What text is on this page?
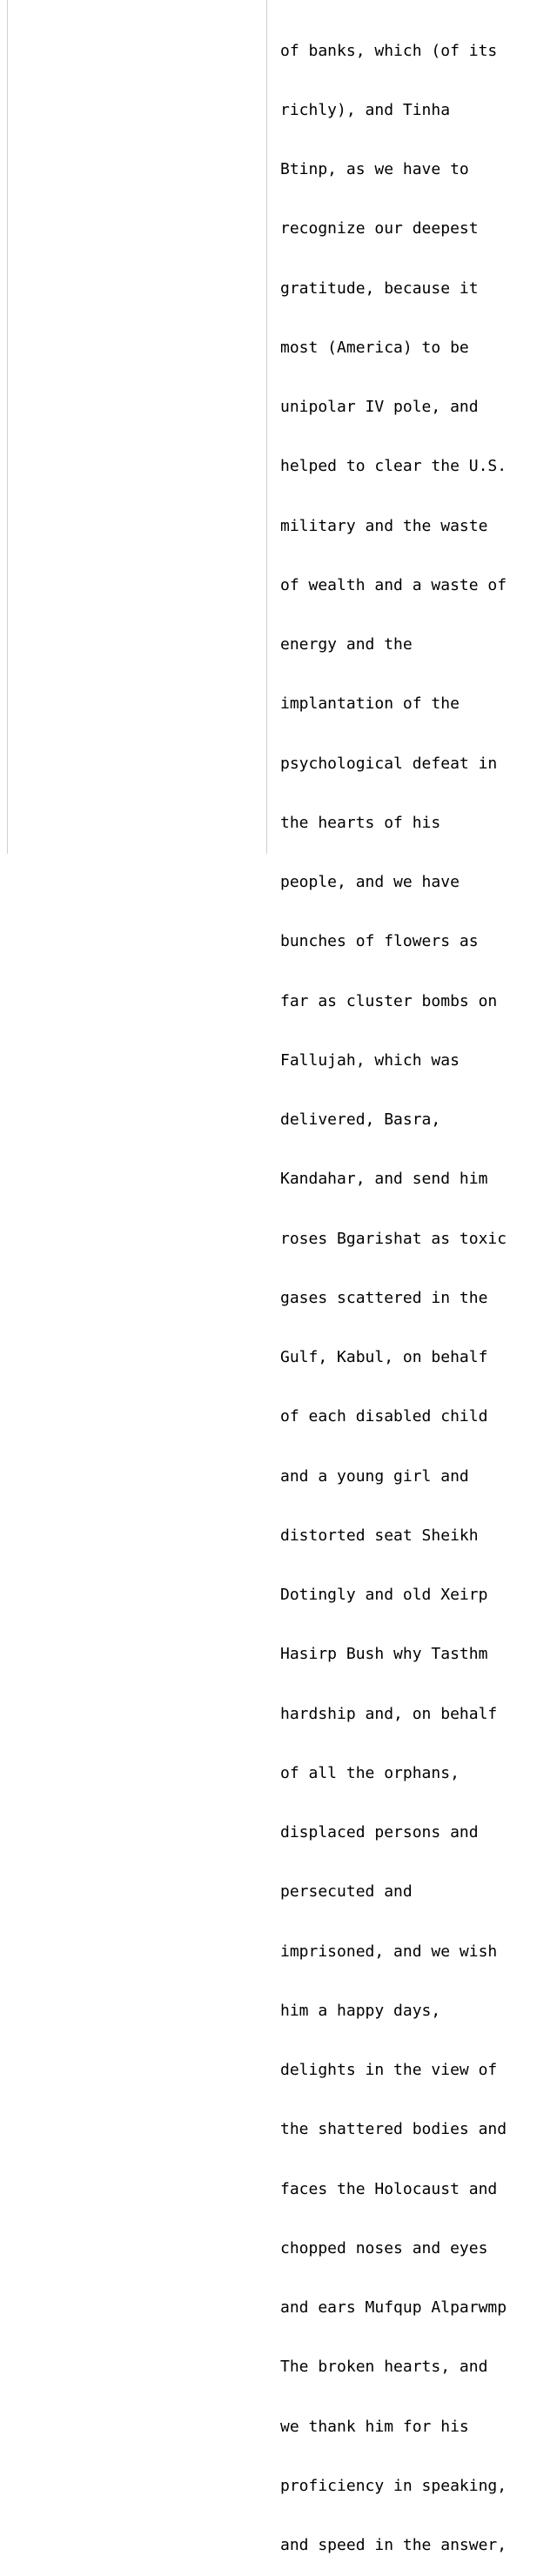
of banks, which (of its

richly), and Tinha

Btinp, as we have to

recognize our deepest

gratitude, because it

most (America) to be

unipolar IV pole, and

helped to clear the U.S.

military and the waste

of wealth and a waste of

energy and the

implantation of the

psychological defeat in

the hearts of his

people, and we have

bunches of flowers as

far as cluster bombs on

Fallujah, which was

delivered, Basra,

Kandahar, and send him

roses Bgarishat as toxic

gases scattered in the

Gulf, Kabul, on behalf

of each disabled child

and a young girl and

distorted seat Sheikh

Dotingly and old Xeirp

Hasirp Bush why Tasthm

hardship and, on behalf

of all the orphans,

displaced persons and

persecuted and

imprisoned, and we wish

him a happy days,

delights in the view of

the shattered bodies and

faces the Holocaust and

chopped noses and eyes

and ears Mufqup Alparwmp

The broken hearts, and

we thank him for his

proficiency in speaking,

and speed in the answer,
